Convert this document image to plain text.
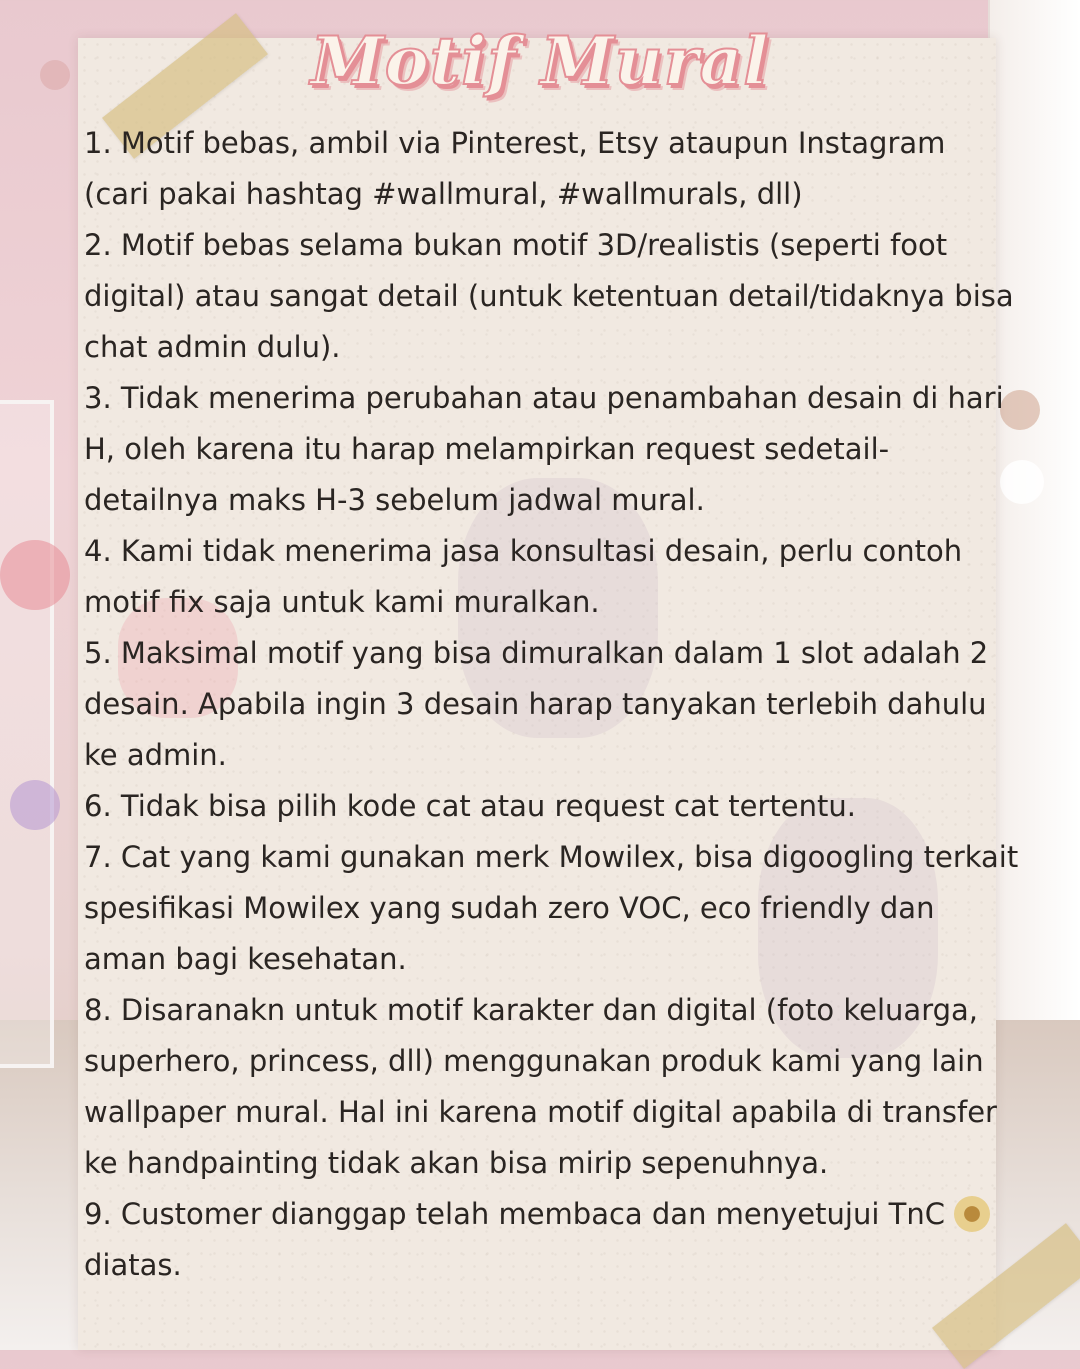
Motif Mural
1. Motif bebas, ambil via Pinterest, Etsy ataupun Instagram (cari pakai hashtag #wallmural, #wallmurals, dll)
2. Motif bebas selama bukan motif 3D/realistis (seperti foot digital) atau sangat detail (untuk ketentuan detail/tidaknya bisa chat admin dulu).
3. Tidak menerima perubahan atau penambahan desain di hari H, oleh karena itu harap melampirkan request sedetail-detailnya maks H-3 sebelum jadwal mural.
4. Kami tidak menerima jasa konsultasi desain, perlu contoh motif fix saja untuk kami muralkan.
5. Maksimal motif yang bisa dimuralkan dalam 1 slot adalah 2 desain. Apabila ingin 3 desain harap tanyakan terlebih dahulu ke admin.
6. Tidak bisa pilih kode cat atau request cat tertentu.
7. Cat yang kami gunakan merk Mowilex, bisa digoogling terkait spesifikasi Mowilex yang sudah zero VOC, eco friendly dan aman bagi kesehatan.
8. Disaranakn untuk motif karakter dan digital (foto keluarga, superhero, princess, dll) menggunakan produk kami yang lain wallpaper mural. Hal ini karena motif digital apabila di transfer ke handpainting tidak akan bisa mirip sepenuhnya.
9. Customer dianggap telah membaca dan menyetujui TnC diatas.
